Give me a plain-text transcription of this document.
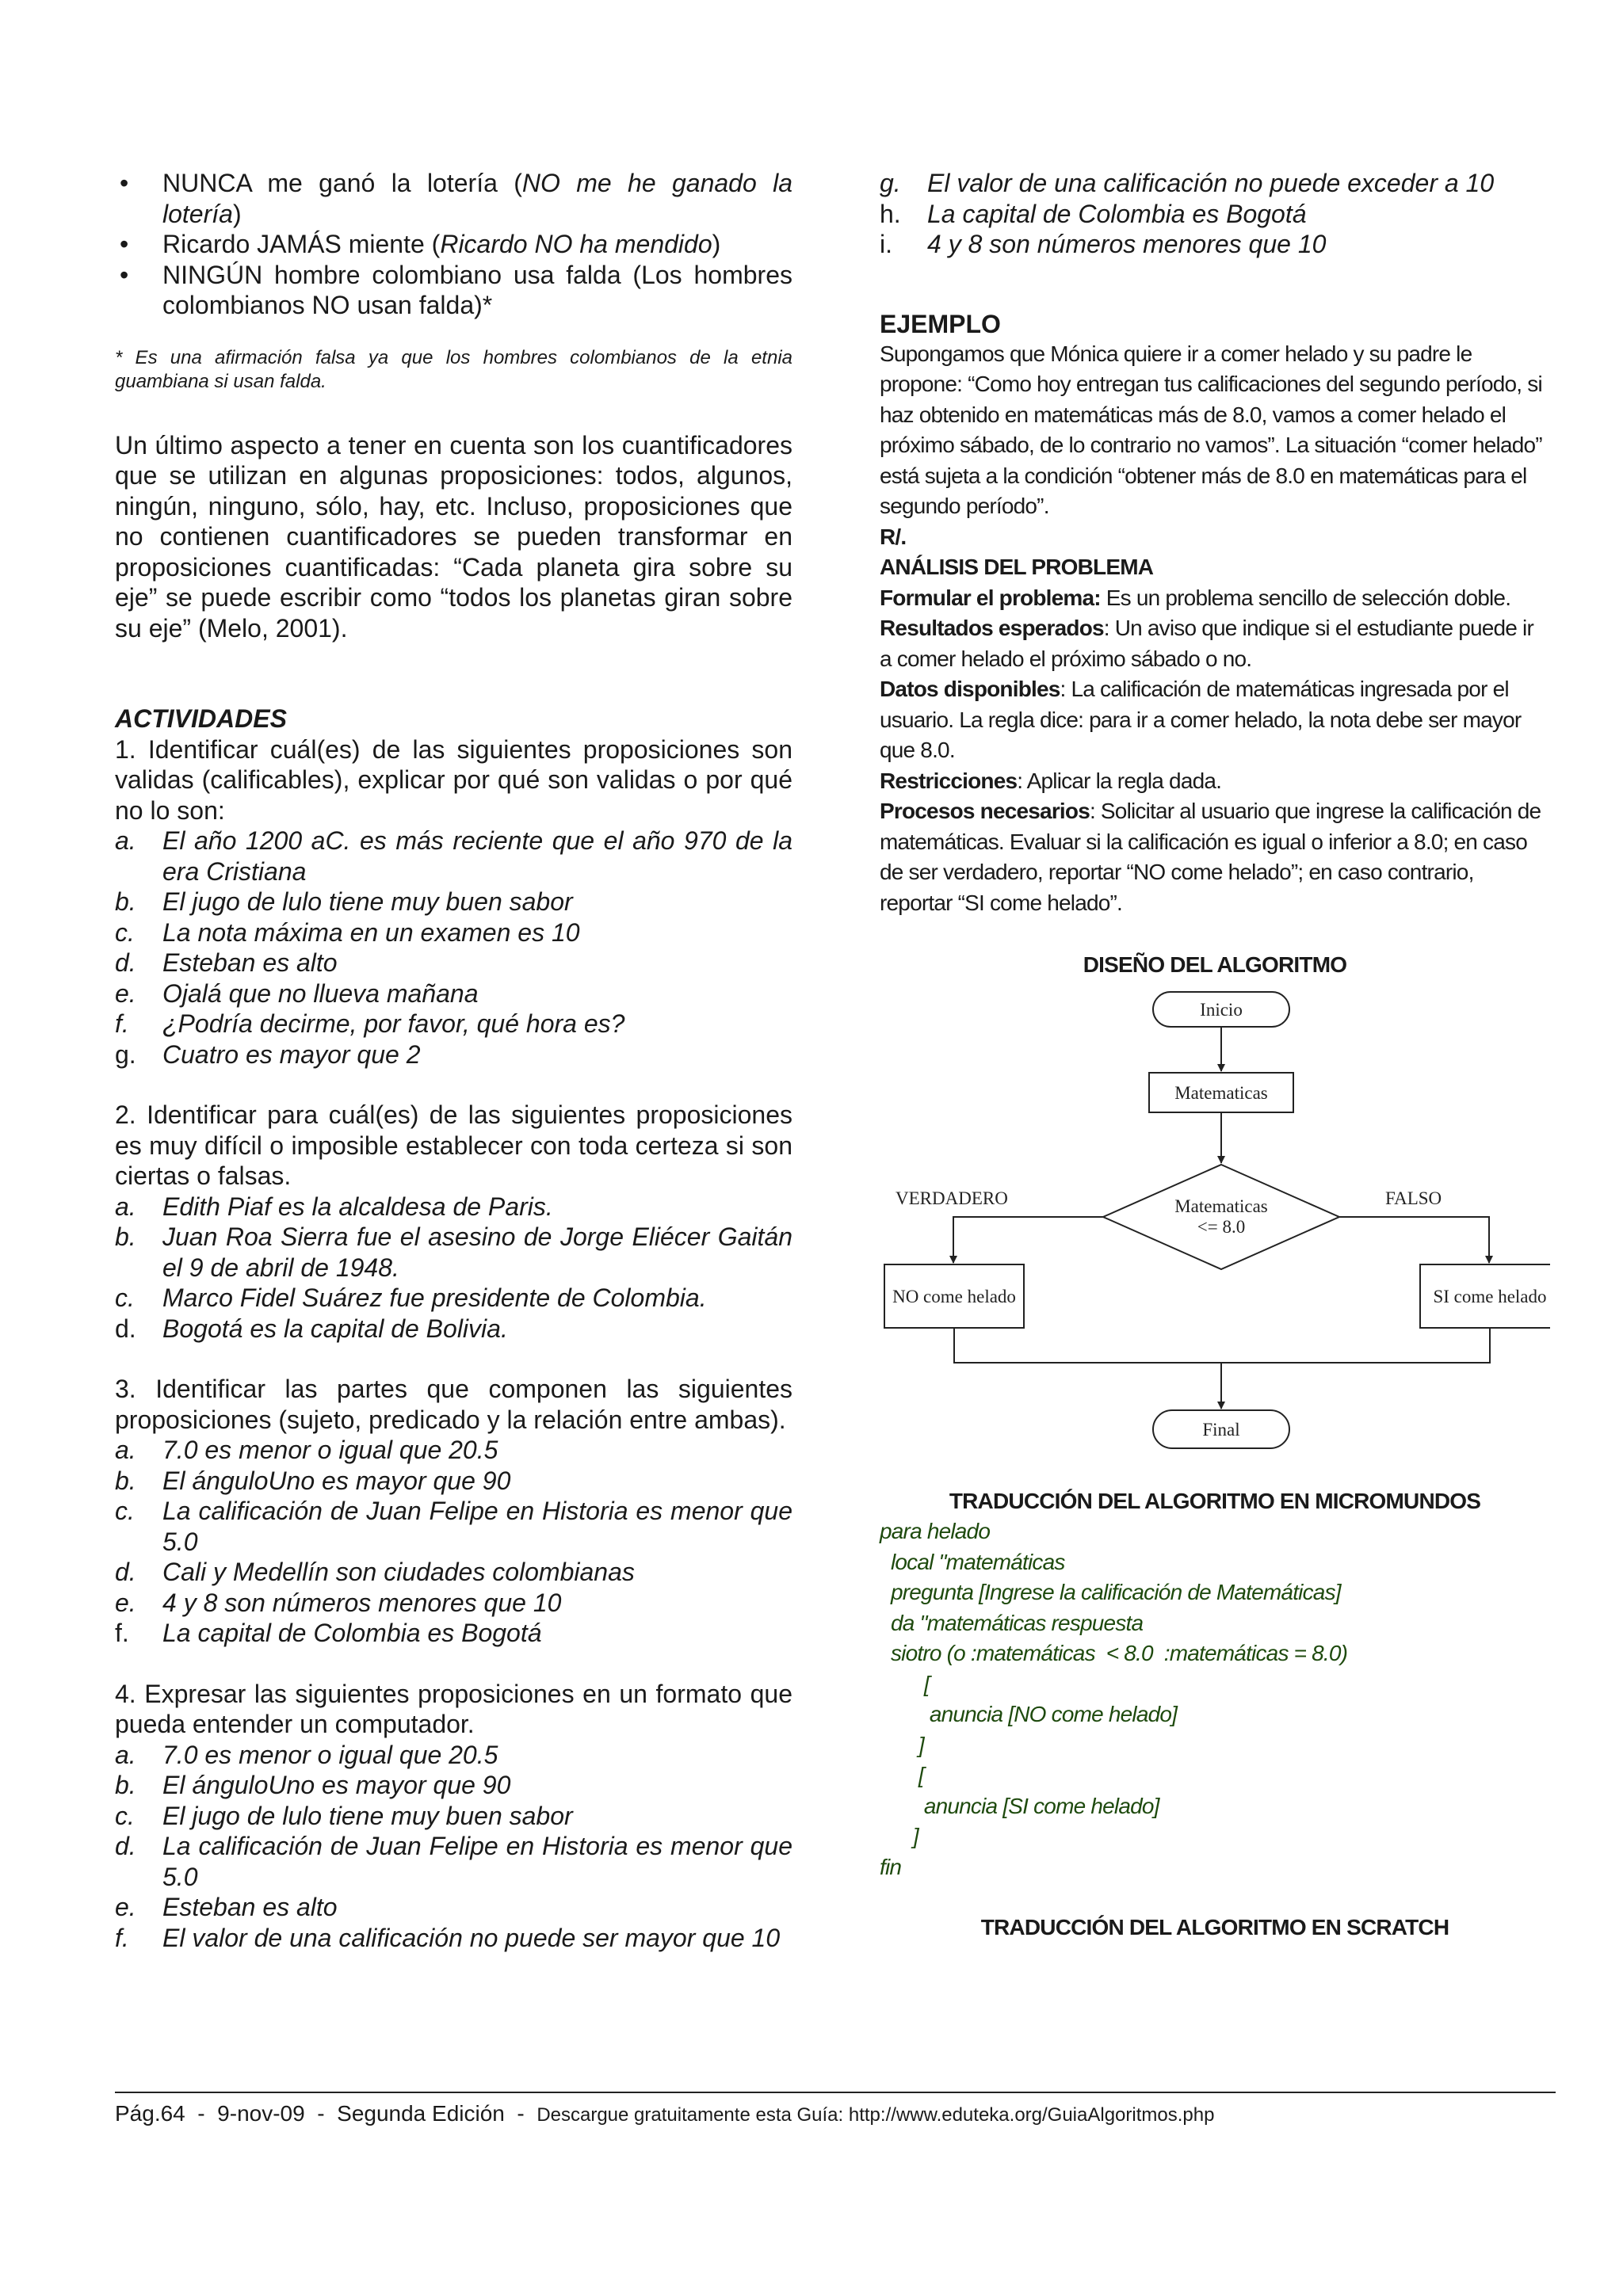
• NUNCA me ganó la lotería (NO me he ganado la lotería)
• Ricardo JAMÁS miente (Ricardo NO ha mendido)
• NINGÚN hombre colombiano usa falda (Los hombres colombianos NO usan falda)*

* Es una afirmación falsa ya que los hombres colombianos de la etnia guambiana si usan falda.

Un último aspecto a tener en cuenta son los cuantificadores que se utilizan en algunas proposiciones: todos, algunos, ningún, ninguno, sólo, hay, etc. Incluso, proposiciones que no contienen cuantificadores se pueden transformar en proposiciones cuantificadas: “Cada planeta gira sobre su eje” se puede escribir como “todos los planetas giran sobre su eje” (Melo, 2001).

ACTIVIDADES

1. Identificar cuál(es) de las siguientes proposiciones son validas (calificables), explicar por qué son validas o por qué no lo son:

a. El año 1200 aC. es más reciente que el año 970 de la era Cristiana
b. El jugo de lulo tiene muy buen sabor
c. La nota máxima en un examen es 10
d. Esteban es alto
e. Ojalá que no llueva mañana
f. ¿Podría decirme, por favor, qué hora es?
g. Cuatro es mayor que 2

2. Identificar para cuál(es) de las siguientes proposiciones es muy difícil o imposible establecer con toda certeza si son ciertas o falsas.

a. Edith Piaf es la alcaldesa de Paris.
b. Juan Roa Sierra fue el asesino de Jorge Eliécer Gaitán el 9 de abril de 1948.
c. Marco Fidel Suárez fue presidente de Colombia.
d. Bogotá es la capital de Bolivia.

3. Identificar las partes que componen las siguientes proposiciones (sujeto, predicado y la relación entre ambas).

a. 7.0 es menor o igual que 20.5
b. El ánguloUno es mayor que 90
c. La calificación de Juan Felipe en Historia es menor que 5.0
d. Cali y Medellín son ciudades colombianas
e. 4 y 8 son números menores que 10
f. La capital de Colombia es Bogotá

4. Expresar las siguientes proposiciones en un formato que pueda entender un computador.

a. 7.0 es menor o igual que 20.5
b. El ánguloUno es mayor que 90
c. El jugo de lulo tiene muy buen sabor
d. La calificación de Juan Felipe en Historia es menor que 5.0
e. Esteban es alto
f. El valor de una calificación no puede ser mayor que 10
g.	El valor de una calificación no puede exceder a 10
h.	La capital de Colombia es Bogotá
i.	4 y 8 son números menores que 10

EJEMPLO

Supongamos que Mónica quiere ir a comer helado y su padre le propone: “Como hoy entregan tus calificaciones del segundo período, si haz obtenido en matemáticas más de 8.0, vamos a comer helado el próximo sábado, de lo contrario no vamos”. La situación “comer helado” está sujeta a la condición “obtener más de 8.0 en matemáticas para el segundo período”.

R/.

ANÁLISIS DEL PROBLEMA

Formular el problema: Es un problema sencillo de selección doble.

Resultados esperados: Un aviso que indique si el estudiante puede ir a comer helado el próximo sábado o no.

Datos disponibles: La calificación de matemáticas ingresada por el usuario. La regla dice: para ir a comer helado, la nota debe ser mayor que 8.0.

Restricciones: Aplicar la regla dada.

Procesos necesarios: Solicitar al usuario que ingrese la calificación de matemáticas. Evaluar si la calificación es igual o inferior a 8.0; en caso de ser verdadero, reportar “NO come helado”; en caso contrario, reportar “SI come helado”.

DISEÑO DEL ALGORITMO

Inicio
Matematicas
Matematicas
<= 8.0
VERDADERO	FALSO
NO come helado	SI come helado
Final

TRADUCCIÓN DEL ALGORITMO EN MICROMUNDOS

para helado
local "matemáticas
pregunta [Ingrese la calificación de Matemáticas]
da "matemáticas respuesta
siotro (o :matemáticas  < 8.0  :matemáticas = 8.0)
[
anuncia [NO come helado]
]
[
anuncia [SI come helado]
]
fin

TRADUCCIÓN DEL ALGORITMO EN SCRATCH

Pág.64  -  9-nov-09  -  Segunda Edición  -  Descargue gratuitamente esta Guía: http://www.eduteka.org/GuiaAlgoritmos.php
